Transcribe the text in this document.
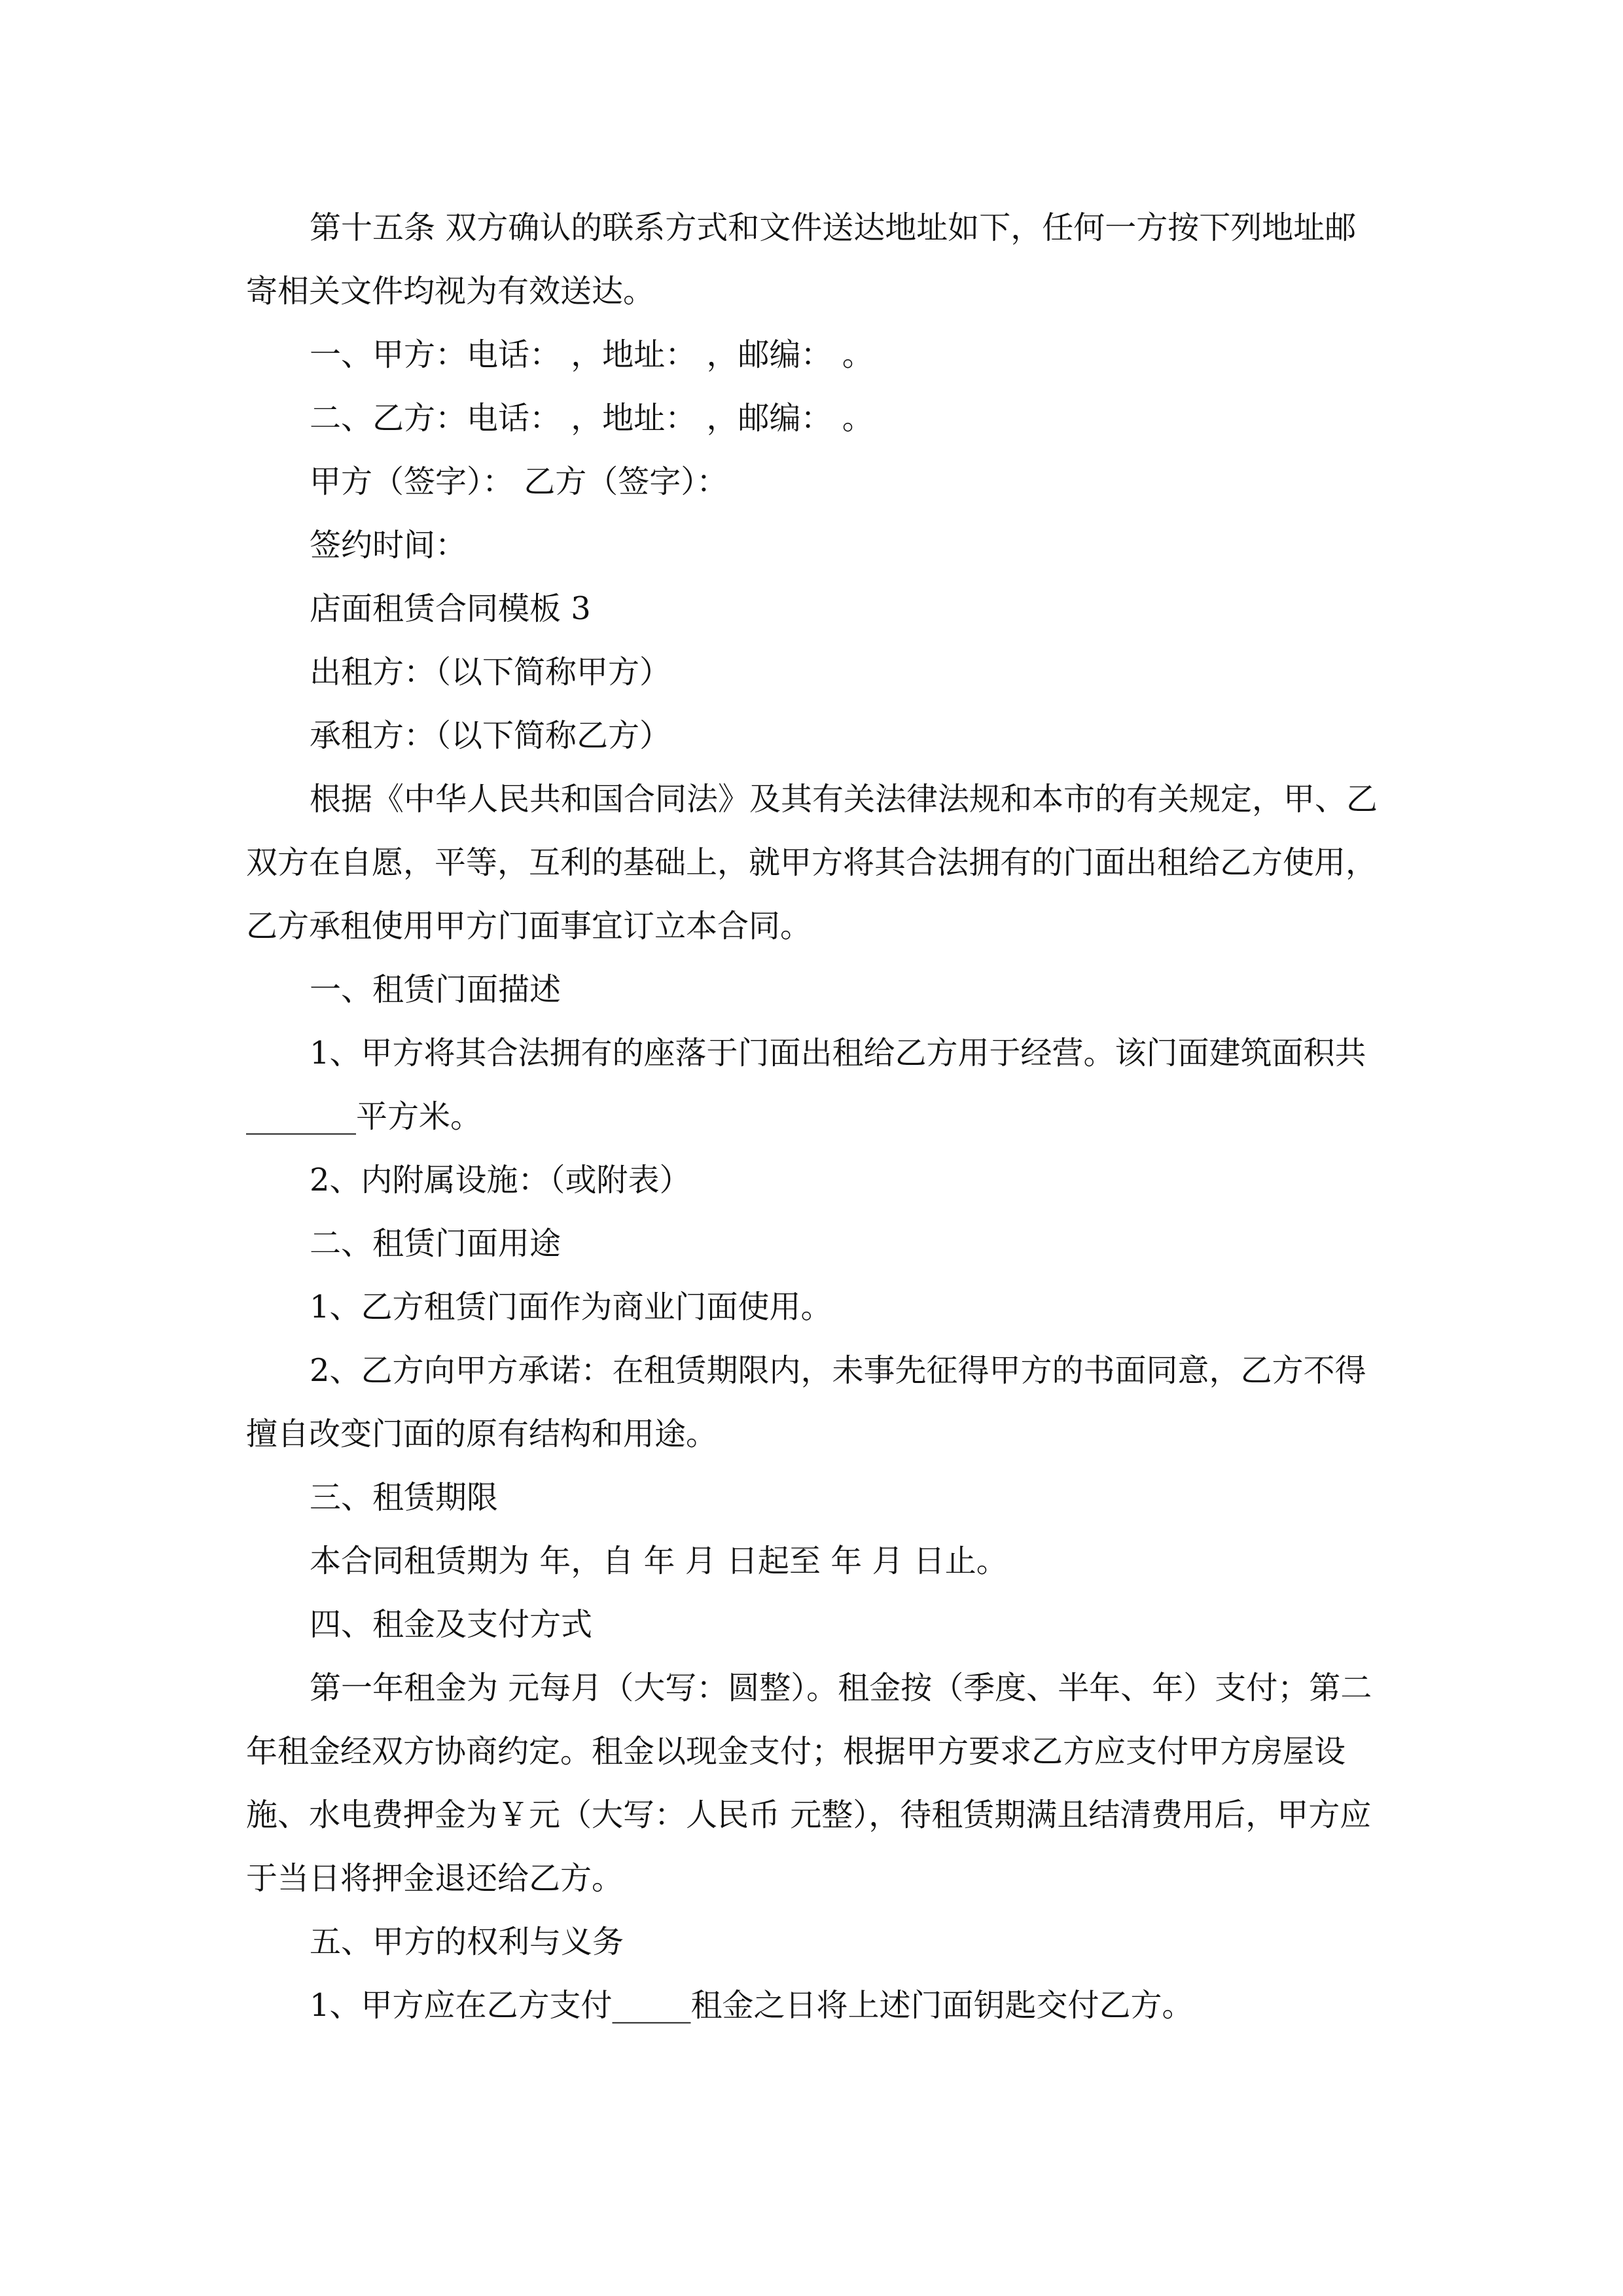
第十五条 双方确认的联系方式和文件送达地址如下，任何一方按下列地址邮寄相关文件均视为有效送达。

一、甲方：电话： ，地址： ，邮编： 。

二、乙方：电话： ，地址： ，邮编： 。

甲方（签字）： 乙方（签字）：

签约时间：

店面租赁合同模板 3

出租方：（以下简称甲方）

承租方：（以下简称乙方）

根据《中华人民共和国合同法》及其有关法律法规和本市的有关规定，甲、乙双方在自愿，平等，互利的基础上，就甲方将其合法拥有的门面出租给乙方使用，乙方承租使用甲方门面事宜订立本合同。

一、租赁门面描述

1、甲方将其合法拥有的座落于门面出租给乙方用于经营。该门面建筑面积共_______平方米。

2、内附属设施：（或附表）

二、租赁门面用途

1、乙方租赁门面作为商业门面使用。

2、乙方向甲方承诺：在租赁期限内，未事先征得甲方的书面同意，乙方不得擅自改变门面的原有结构和用途。

三、租赁期限

本合同租赁期为 年，自 年 月 日起至 年 月 日止。

四、租金及支付方式

第一年租金为 元每月（大写：圆整）。租金按（季度、半年、年）支付；第二年租金经双方协商约定。租金以现金支付；根据甲方要求乙方应支付甲方房屋设施、水电费押金为￥元（大写：人民币 元整），待租赁期满且结清费用后，甲方应于当日将押金退还给乙方。

五、甲方的权利与义务

1、甲方应在乙方支付_____租金之日将上述门面钥匙交付乙方。
